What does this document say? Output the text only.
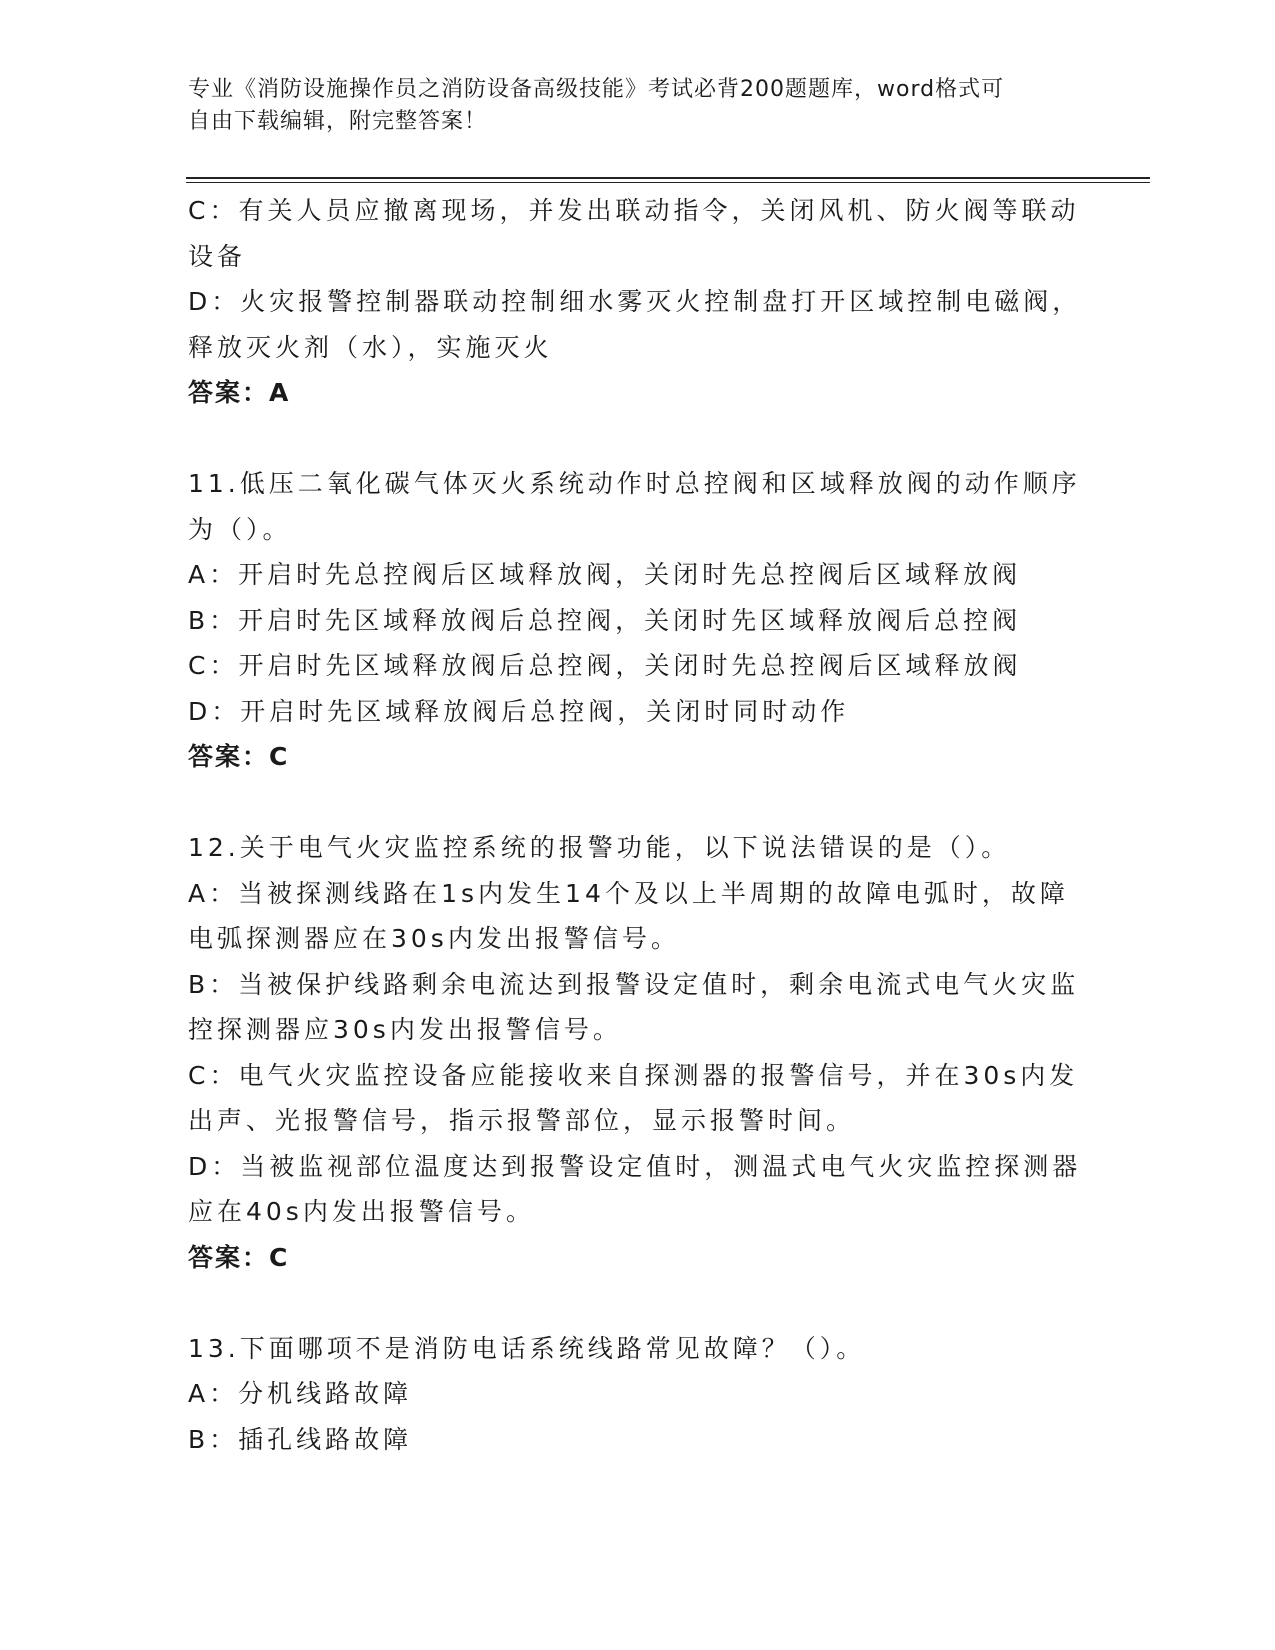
专业《消防设施操作员之消防设备高级技能》考试必背200题题库，word格式可
自由下载编辑，附完整答案！
C：有关人员应撤离现场，并发出联动指令，关闭风机、防火阀等联动
设备
D：火灾报警控制器联动控制细水雾灭火控制盘打开区域控制电磁阀，
释放灭火剂（水），实施灭火
答案：A
11.低压二氧化碳气体灭火系统动作时总控阀和区域释放阀的动作顺序
为（）。
A：开启时先总控阀后区域释放阀，关闭时先总控阀后区域释放阀
B：开启时先区域释放阀后总控阀，关闭时先区域释放阀后总控阀
C：开启时先区域释放阀后总控阀，关闭时先总控阀后区域释放阀
D：开启时先区域释放阀后总控阀，关闭时同时动作
答案：C
12.关于电气火灾监控系统的报警功能，以下说法错误的是（）。
A：当被探测线路在1s内发生14个及以上半周期的故障电弧时，故障
电弧探测器应在30s内发出报警信号。
B：当被保护线路剩余电流达到报警设定值时，剩余电流式电气火灾监
控探测器应30s内发出报警信号。
C：电气火灾监控设备应能接收来自探测器的报警信号，并在30s内发
出声、光报警信号，指示报警部位，显示报警时间。
D：当被监视部位温度达到报警设定值时，测温式电气火灾监控探测器
应在40s内发出报警信号。
答案：C
13.下面哪项不是消防电话系统线路常见故障？（）。
A：分机线路故障
B：插孔线路故障
